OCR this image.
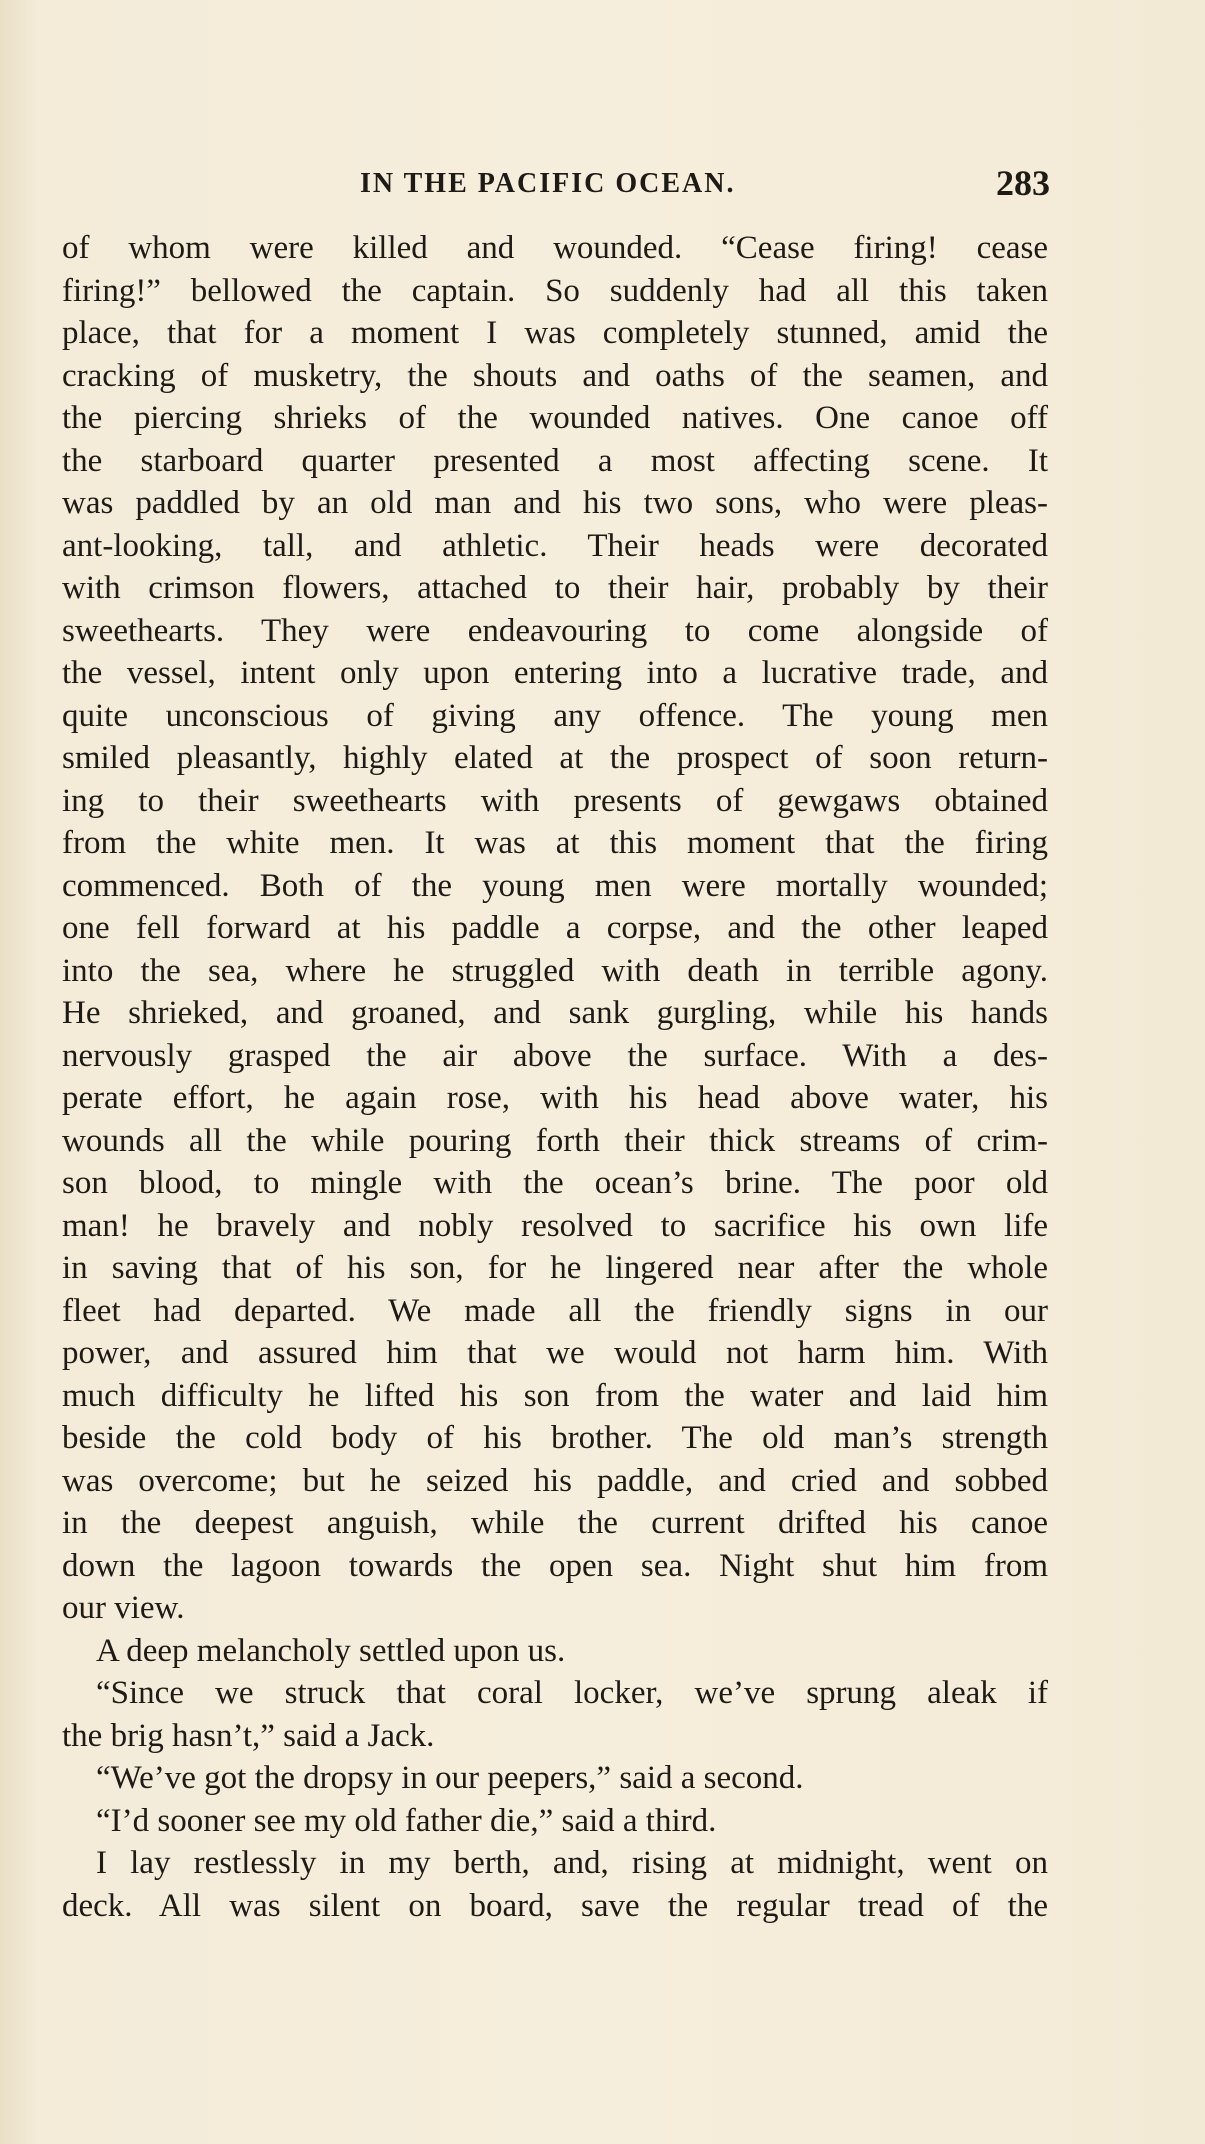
IN THE PACIFIC OCEAN.	283
of whom were killed and wounded. “Cease firing! cease
firing!” bellowed the captain. So suddenly had all this taken
place, that for a moment I was completely stunned, amid the
cracking of musketry, the shouts and oaths of the seamen, and
the piercing shrieks of the wounded natives. One canoe off
the starboard quarter presented a most affecting scene. It
was paddled by an old man and his two sons, who were pleas-
ant-looking, tall, and athletic. Their heads were decorated
with crimson flowers, attached to their hair, probably by their
sweethearts. They were endeavouring to come alongside of
the vessel, intent only upon entering into a lucrative trade, and
quite unconscious of giving any offence. The young men
smiled pleasantly, highly elated at the prospect of soon return-
ing to their sweethearts with presents of gewgaws obtained
from the white men. It was at this moment that the firing
commenced. Both of the young men were mortally wounded;
one fell forward at his paddle a corpse, and the other leaped
into the sea, where he struggled with death in terrible agony.
He shrieked, and groaned, and sank gurgling, while his hands
nervously grasped the air above the surface. With a des-
perate effort, he again rose, with his head above water, his
wounds all the while pouring forth their thick streams of crim-
son blood, to mingle with the ocean’s brine. The poor old
man! he bravely and nobly resolved to sacrifice his own life
in saving that of his son, for he lingered near after the whole
fleet had departed. We made all the friendly signs in our
power, and assured him that we would not harm him. With
much difficulty he lifted his son from the water and laid him
beside the cold body of his brother. The old man’s strength
was overcome; but he seized his paddle, and cried and sobbed
in the deepest anguish, while the current drifted his canoe
down the lagoon towards the open sea. Night shut him from
our view.
A deep melancholy settled upon us.
“Since we struck that coral locker, we’ve sprung aleak if
the brig hasn’t,” said a Jack.
“We’ve got the dropsy in our peepers,” said a second.
“I’d sooner see my old father die,” said a third.
I lay restlessly in my berth, and, rising at midnight, went on
deck. All was silent on board, save the regular tread of the
